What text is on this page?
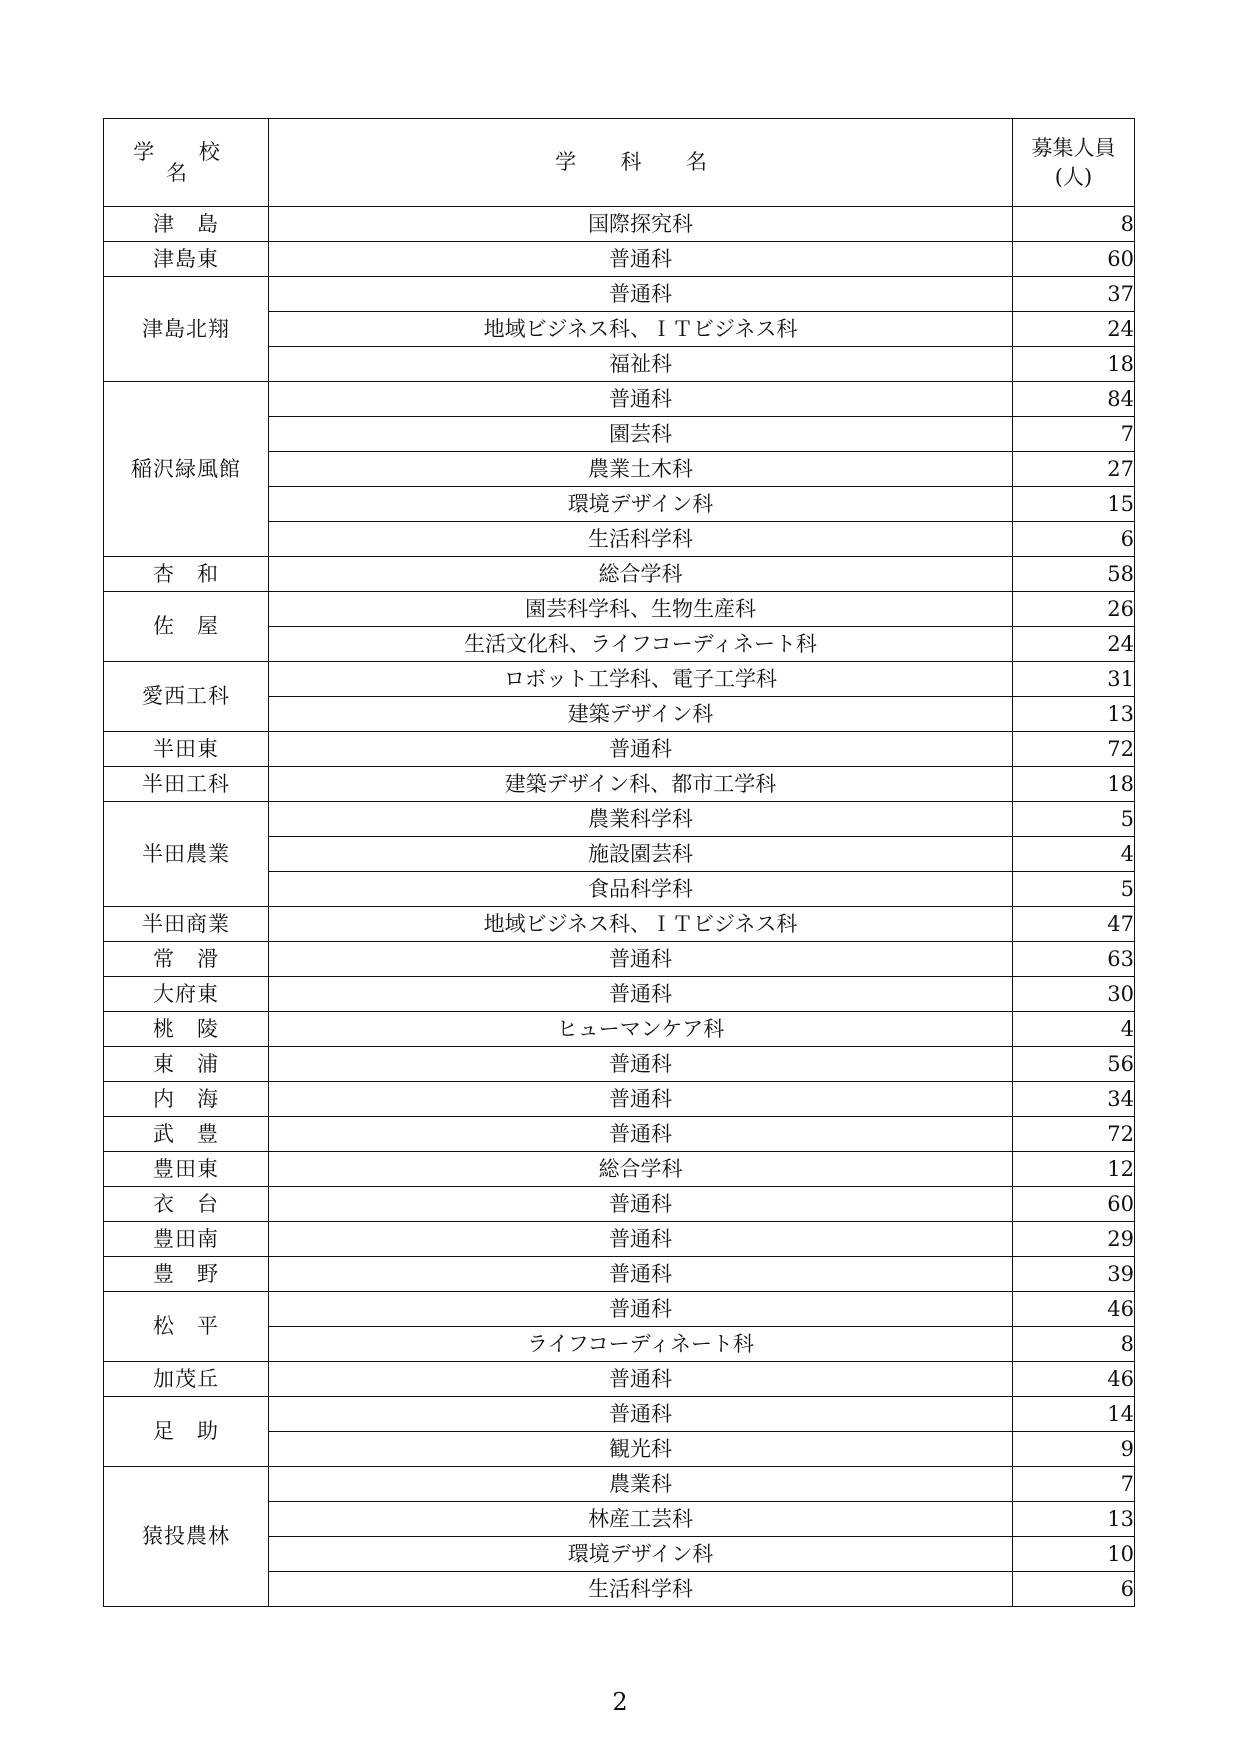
学 校 名	学 科 名	募集人員
(人)
津　島	国際探究科	8
津島東	普通科	60
津島北翔	普通科	37
	地域ビジネス科、ＩＴビジネス科	24
	福祉科	18
稲沢緑風館	普通科	84
	園芸科	7
	農業土木科	27
	環境デザイン科	15
	生活科学科	6
杏　和	総合学科	58
佐　屋	園芸科学科、生物生産科	26
	生活文化科、ライフコーディネート科	24
愛西工科	ロボット工学科、電子工学科	31
	建築デザイン科	13
半田東	普通科	72
半田工科	建築デザイン科、都市工学科	18
半田農業	農業科学科	5
	施設園芸科	4
	食品科学科	5
半田商業	地域ビジネス科、ＩＴビジネス科	47
常　滑	普通科	63
大府東	普通科	30
桃　陵	ヒューマンケア科	4
東　浦	普通科	56
内　海	普通科	34
武　豊	普通科	72
豊田東	総合学科	12
衣　台	普通科	60
豊田南	普通科	29
豊　野	普通科	39
松　平	普通科	46
	ライフコーディネート科	8
加茂丘	普通科	46
足　助	普通科	14
	観光科	9
猿投農林	農業科	7
	林産工芸科	13
	環境デザイン科	10
	生活科学科	6
2
